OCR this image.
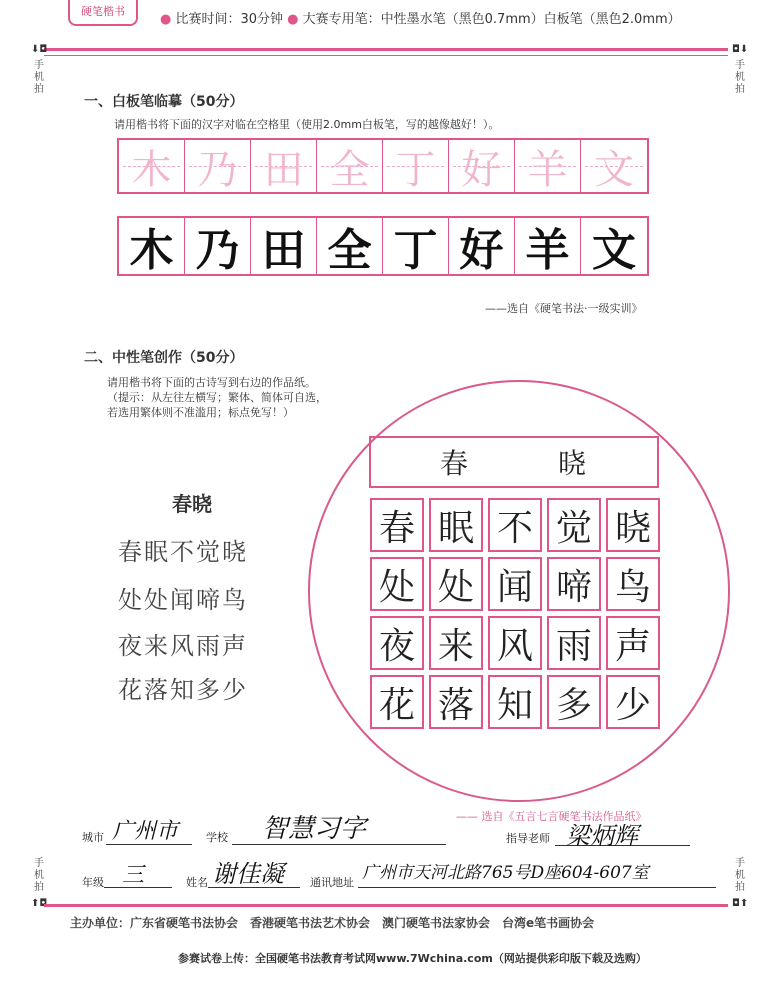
硬笔楷书
● 比赛时间：30分钟 ● 大赛专用笔：中性墨水笔（黑色0.7mm）白板笔（黑色2.0mm）
⬇◘
手机拍
◘⬇
手机拍
手机拍
⬆◘
手机拍
◘⬆
一、白板笔临摹（50分）
请用楷书将下面的汉字对临在空格里（使用2.0mm白板笔，写的越像越好！）。
木 乃 田 全 丁 好 羊 文
木 乃 田 全 丁 好 羊 文
——选自《硬笔书法·一级实训》
二、中性笔创作（50分）
请用楷书将下面的古诗写到右边的作品纸。
（提示：从左往左横写；繁体、简体可自选，
若选用繁体则不准滥用；标点免写！）
春晓
春眠不觉晓
处处闻啼鸟
夜来风雨声
花落知多少
春	晓
春 眠 不 觉 晓
处 处 闻 啼 鸟
夜 来 风 雨 声
花 落 知 多 少
—— 选自《五言七言硬笔书法作品纸》
城市 广州市	学校 智慧习字	指导老师 梁炳辉
年级 三	姓名 谢佳凝 通讯地址 广州市天河北路765号D座604-607室
主办单位：广东省硬笔书法协会　香港硬笔书法艺术协会　澳门硬笔书法家协会　台湾e笔书画协会
参赛试卷上传：全国硬笔书法教育考试网www.7Wchina.com（网站提供彩印版下载及选购）
